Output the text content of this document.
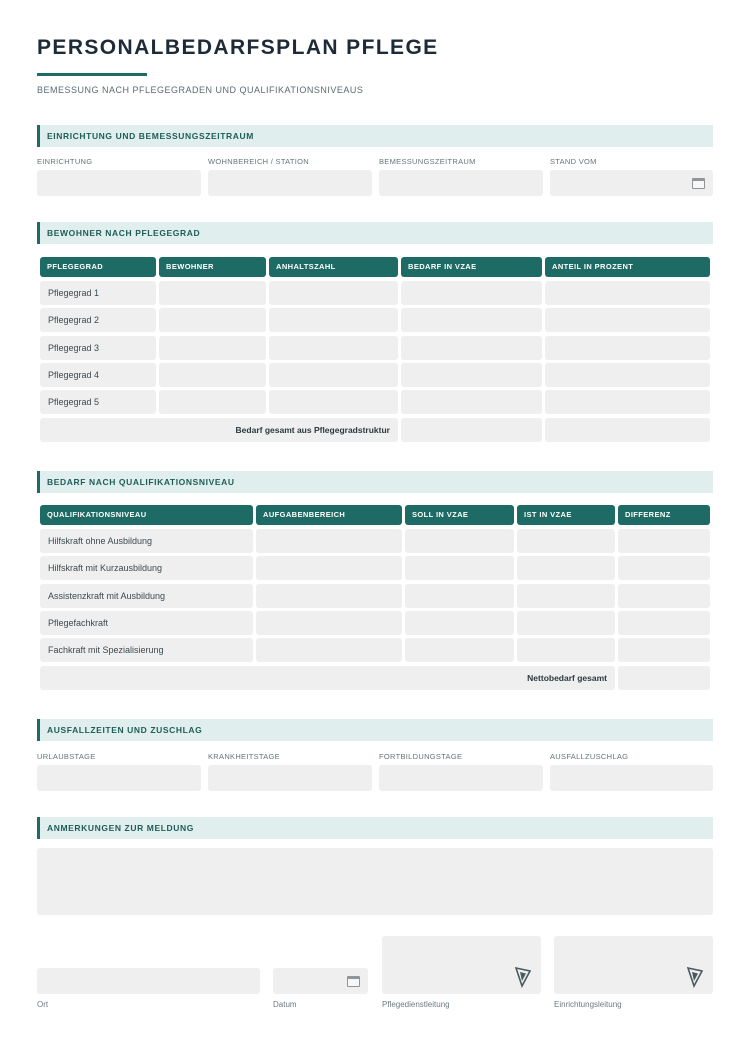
PERSONALBEDARFSPLAN PFLEGE
BEMESSUNG NACH PFLEGEGRADEN UND QUALIFIKATIONSNIVEAUS
EINRICHTUNG UND BEMESSUNGSZEITRAUM
EINRICHTUNG	WOHNBEREICH / STATION	BEMESSUNGSZEITRAUM	STAND VOM
BEWOHNER NACH PFLEGEGRAD
PFLEGEGRAD	BEWOHNER	ANHALTSZAHL	BEDARF IN VZAE	ANTEIL IN PROZENT
Pflegegrad 1
Pflegegrad 2
Pflegegrad 3
Pflegegrad 4
Pflegegrad 5
Bedarf gesamt aus Pflegegradstruktur
BEDARF NACH QUALIFIKATIONSNIVEAU
QUALIFIKATIONSNIVEAU	AUFGABENBEREICH	SOLL IN VZAE	IST IN VZAE	DIFFERENZ
Hilfskraft ohne Ausbildung
Hilfskraft mit Kurzausbildung
Assistenzkraft mit Ausbildung
Pflegefachkraft
Fachkraft mit Spezialisierung
Nettobedarf gesamt
AUSFALLZEITEN UND ZUSCHLAG
URLAUBSTAGE	KRANKHEITSTAGE	FORTBILDUNGSTAGE	AUSFALLZUSCHLAG
ANMERKUNGEN ZUR MELDUNG
Ort	Datum	Pflegedienstleitung	Einrichtungsleitung
